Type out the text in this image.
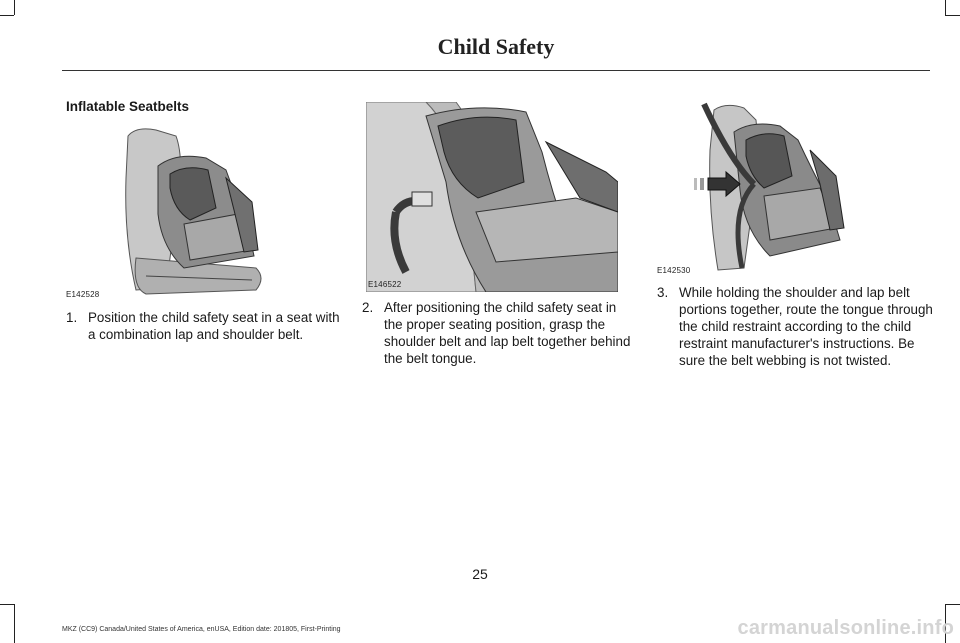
Child Safety
Inflatable Seatbelts
E142528
E146522
E142530
1. Position the child safety seat in a seat with a combination lap and shoulder belt.
2. After positioning the child safety seat in the proper seating position, grasp the shoulder belt and lap belt together behind the belt tongue.
3. While holding the shoulder and lap belt portions together, route the tongue through the child restraint according to the child restraint manufacturer's instructions. Be sure the belt webbing is not twisted.
25
MKZ (CC9) Canada/United States of America, enUSA, Edition date: 201805, First-Printing	carmanualsonline.info
